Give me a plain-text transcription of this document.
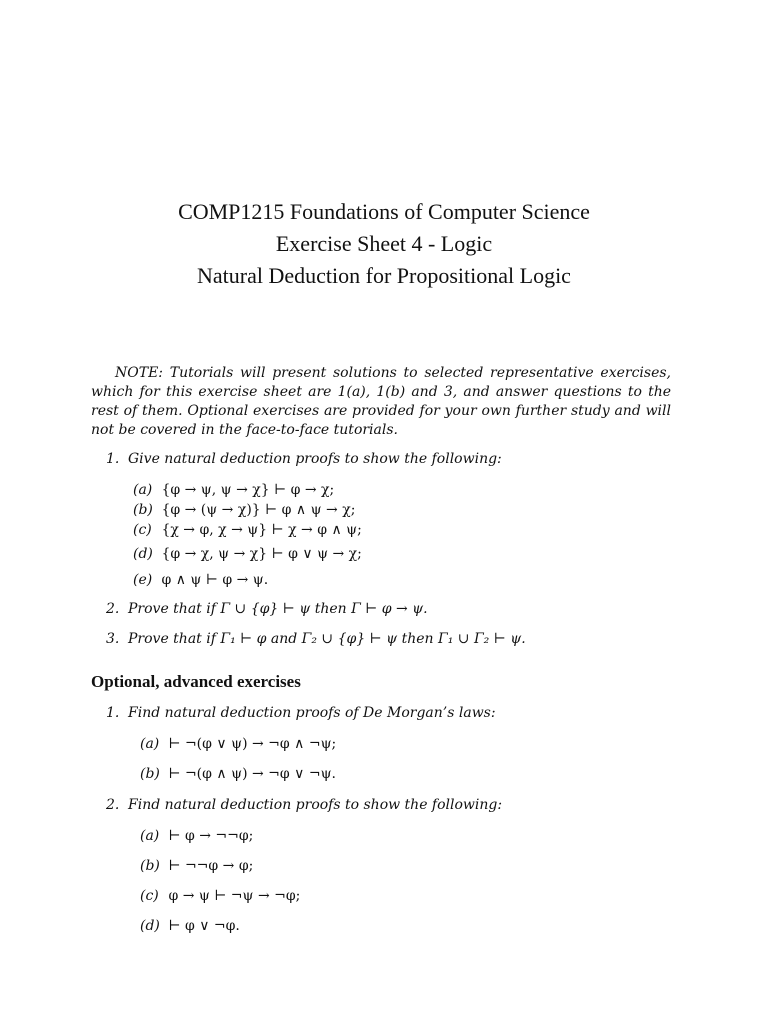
COMP1215 Foundations of Computer Science
Exercise Sheet 4 - Logic
Natural Deduction for Propositional Logic
NOTE: Tutorials will present solutions to selected representative exercises, which for this exercise sheet are 1(a), 1(b) and 3, and answer questions to the rest of them. Optional exercises are provided for your own further study and will not be covered in the face-to-face tutorials.
1. Give natural deduction proofs to show the following:
(a) {φ → ψ, ψ → χ} ⊢ φ → χ;
(b) {φ → (ψ → χ)} ⊢ φ ∧ ψ → χ;
(c) {χ → φ, χ → ψ} ⊢ χ → φ ∧ ψ;
(d) {φ → χ, ψ → χ} ⊢ φ ∨ ψ → χ;
(e) φ ∧ ψ ⊢ φ → ψ.
2. Prove that if Γ ∪ {φ} ⊢ ψ then Γ ⊢ φ → ψ.
3. Prove that if Γ₁ ⊢ φ and Γ₂ ∪ {φ} ⊢ ψ then Γ₁ ∪ Γ₂ ⊢ ψ.
Optional, advanced exercises
1. Find natural deduction proofs of De Morgan’s laws:
(a) ⊢ ¬(φ ∨ ψ) → ¬φ ∧ ¬ψ;
(b) ⊢ ¬(φ ∧ ψ) → ¬φ ∨ ¬ψ.
2. Find natural deduction proofs to show the following:
(a) ⊢ φ → ¬¬φ;
(b) ⊢ ¬¬φ → φ;
(c) φ → ψ ⊢ ¬ψ → ¬φ;
(d) ⊢ φ ∨ ¬φ.
